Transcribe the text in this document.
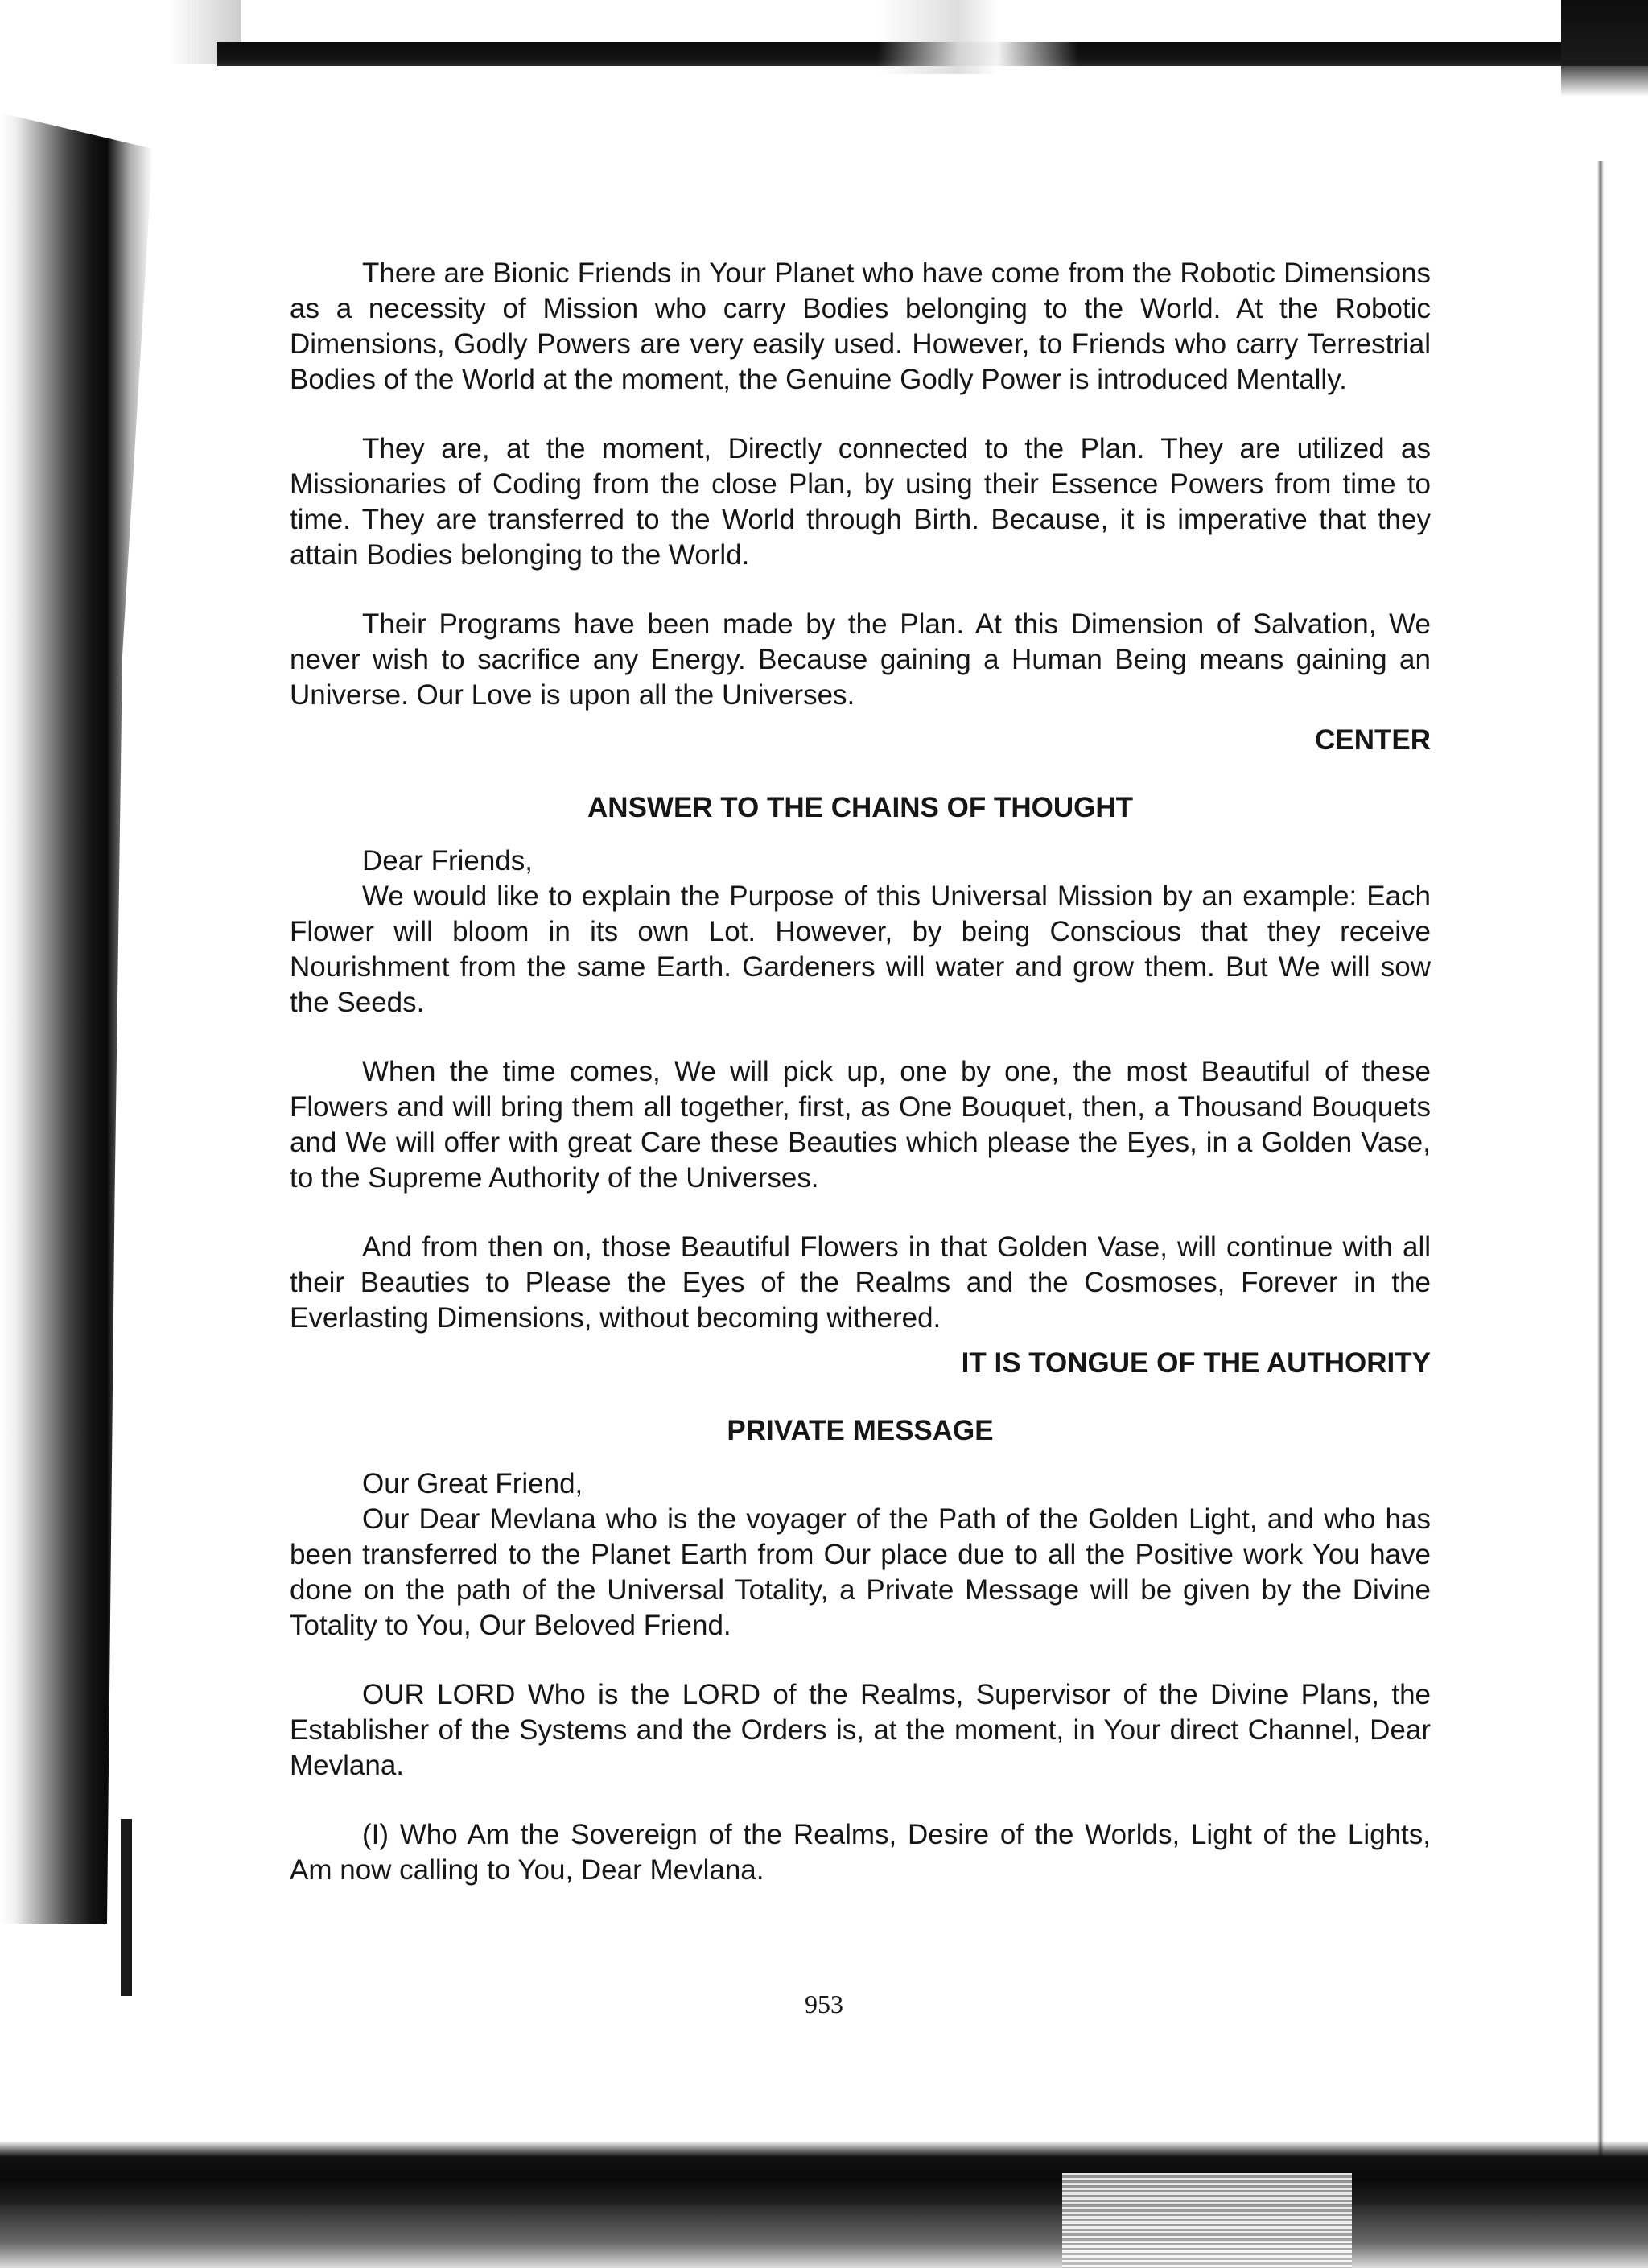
There are Bionic Friends in Your Planet who have come from the Robotic Dimensions as a necessity of Mission who carry Bodies belonging to the World. At the Robotic Dimensions, Godly Powers are very easily used. However, to Friends who carry Terrestrial Bodies of the World at the moment, the Genuine Godly Power is introduced Mentally.

They are, at the moment, Directly connected to the Plan. They are utilized as Missionaries of Coding from the close Plan, by using their Essence Powers from time to time. They are transferred to the World through Birth. Because, it is imperative that they attain Bodies belonging to the World.

Their Programs have been made by the Plan. At this Dimension of Salvation, We never wish to sacrifice any Energy. Because gaining a Human Being means gaining an Universe. Our Love is upon all the Universes.

CENTER
ANSWER TO THE CHAINS OF THOUGHT

Dear Friends,

We would like to explain the Purpose of this Universal Mission by an example: Each Flower will bloom in its own Lot. However, by being Conscious that they receive Nourishment from the same Earth. Gardeners will water and grow them. But We will sow the Seeds.

When the time comes, We will pick up, one by one, the most Beautiful of these Flowers and will bring them all together, first, as One Bouquet, then, a Thousand Bouquets and We will offer with great Care these Beauties which please the Eyes, in a Golden Vase, to the Supreme Authority of the Universes.

And from then on, those Beautiful Flowers in that Golden Vase, will continue with all their Beauties to Please the Eyes of the Realms and the Cosmoses, Forever in the Everlasting Dimensions, without becoming withered.

IT IS TONGUE OF THE AUTHORITY
PRIVATE MESSAGE

Our Great Friend,

Our Dear Mevlana who is the voyager of the Path of the Golden Light, and who has been transferred to the Planet Earth from Our place due to all the Positive work You have done on the path of the Universal Totality, a Private Message will be given by the Divine Totality to You, Our Beloved Friend.

OUR LORD Who is the LORD of the Realms, Supervisor of the Divine Plans, the Establisher of the Systems and the Orders is, at the moment, in Your direct Channel, Dear Mevlana.

(I) Who Am the Sovereign of the Realms, Desire of the Worlds, Light of the Lights, Am now calling to You, Dear Mevlana.

953
